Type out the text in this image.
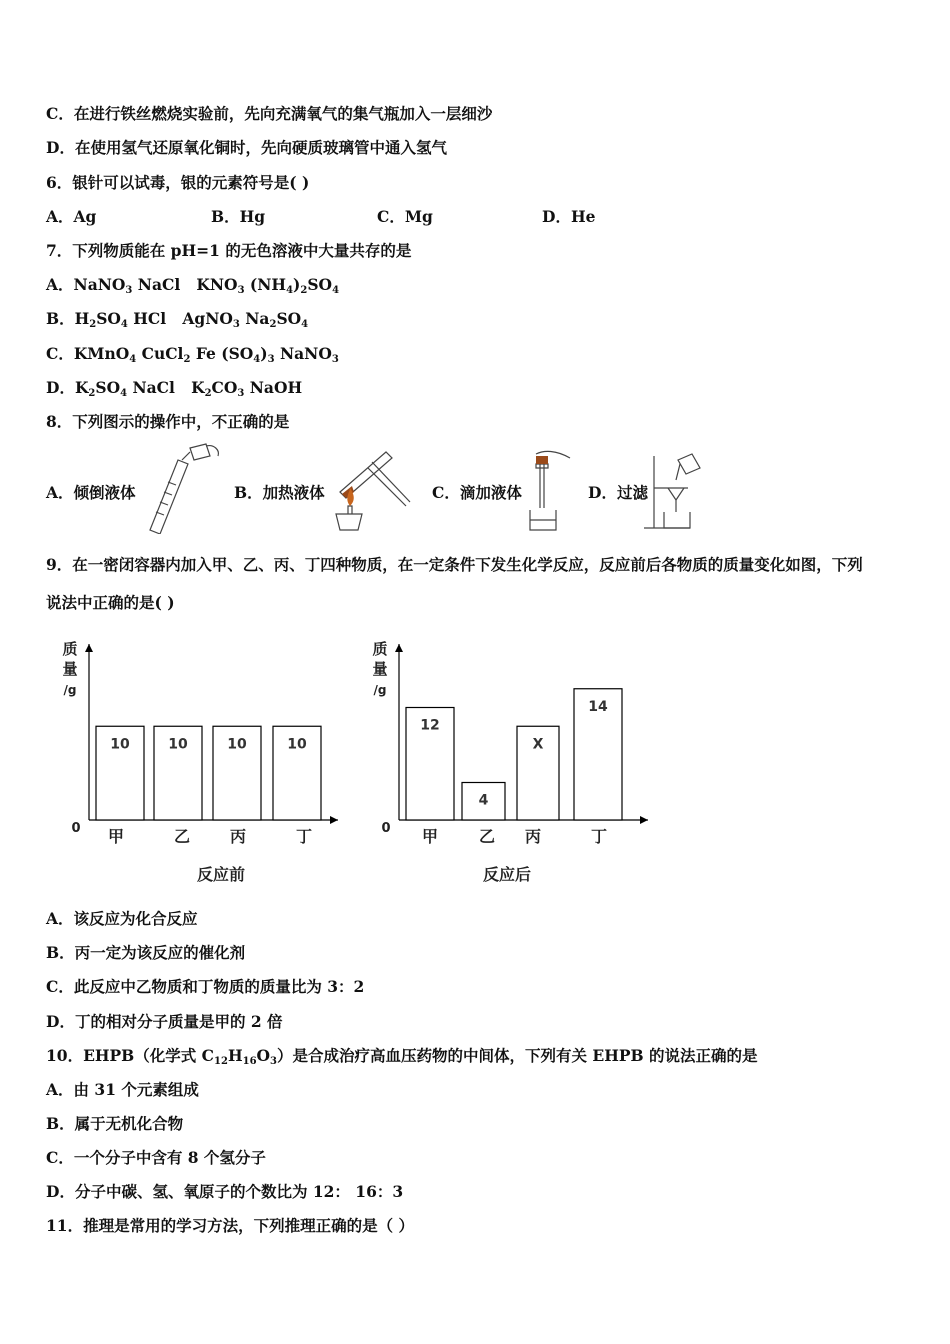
C．在进行铁丝燃烧实验前，先向充满氧气的集气瓶加入一层细沙
D．在使用氢气还原氧化铜时，先向硬质玻璃管中通入氢气
6．银针可以试毒，银的元素符号是( )
A．Ag	B．Hg	C．Mg	D．He
7．下列物质能在 pH=1 的无色溶液中大量共存的是
A．NaNO$_3$ NaCl   $KNO_3$ $(NH_4)_2SO_4$
B．$H_2SO_4$ HCl   AgNO$_3$ $Na_2SO_4$
C．KMnO$_4$ CuCl$_2$ Fe $(SO_4)_3$ NaNO$_3$
D．$K_2SO_4$ NaCl   $K_2CO_3$ NaOH
8．下列图示的操作中，不正确的是
A．倾倒液体	B．加热液体	C．滴加液体	D．过滤
9．在一密闭容器内加入甲、乙、丙、丁四种物质，在一定条件下发生化学反应，反应前后各物质的质量变化如图，下列
说法中正确的是( )
质
量
/g
0
10
甲
10
乙
10
丙
10
丁
反应前
质
量
/g
0
12
甲
4
乙
X
丙
14
丁
反应后
A．该反应为化合反应
B．丙一定为该反应的催化剂
C．此反应中乙物质和丁物质的质量比为 3：2
D．丁的相对分子质量是甲的 2 倍
10．EHPB（化学式 $C_{12}H_{16}O_3$）是合成治疗高血压药物的中间体，下列有关 EHPB 的说法正确的是
A．由 31 个元素组成
B．属于无机化合物
C．一个分子中含有 8 个氢分子
D．分子中碳、氢、氧原子的个数比为 12： 16：3
11．推理是常用的学习方法，下列推理正确的是（ ）
